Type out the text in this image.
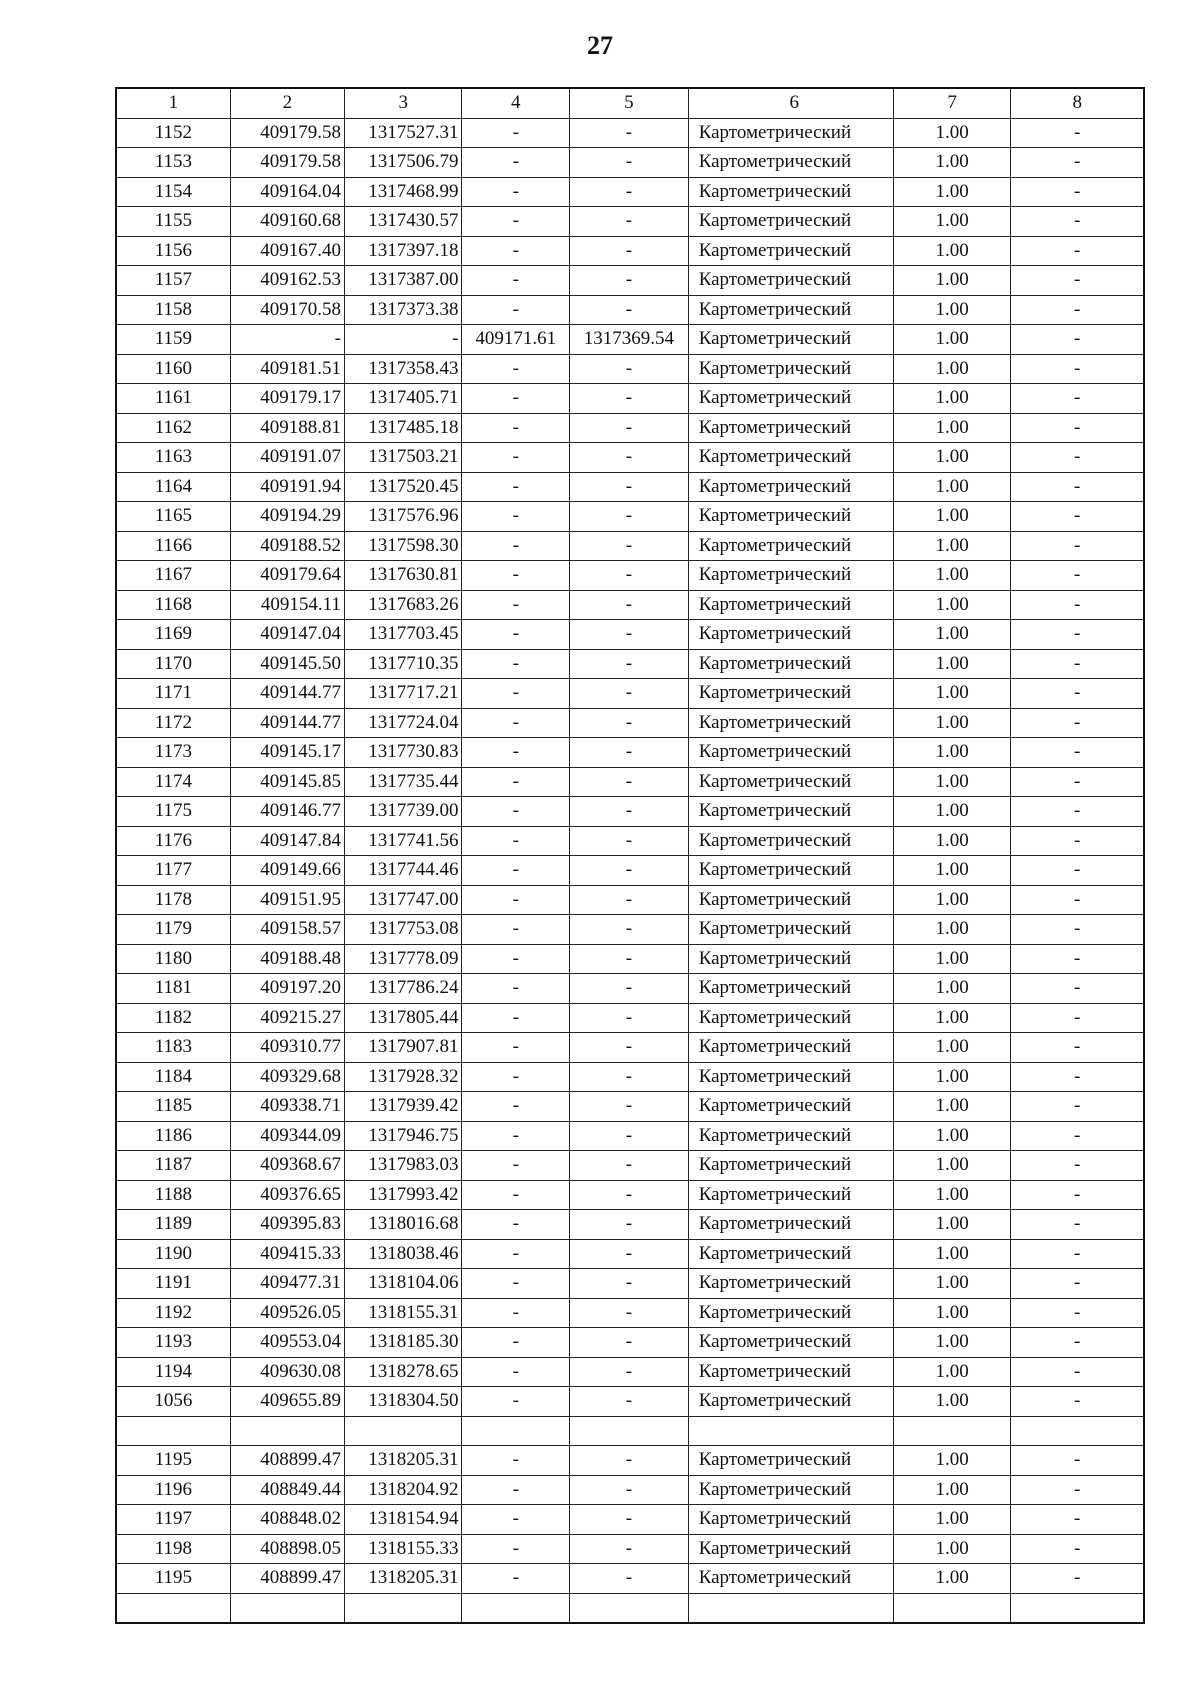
27
1	2	3	4	5	6	7	8
1152	409179.58	1317527.31	-	-	Картометрический	1.00	-
1153	409179.58	1317506.79	-	-	Картометрический	1.00	-
1154	409164.04	1317468.99	-	-	Картометрический	1.00	-
1155	409160.68	1317430.57	-	-	Картометрический	1.00	-
1156	409167.40	1317397.18	-	-	Картометрический	1.00	-
1157	409162.53	1317387.00	-	-	Картометрический	1.00	-
1158	409170.58	1317373.38	-	-	Картометрический	1.00	-
1159	-	-	409171.61	1317369.54	Картометрический	1.00	-
1160	409181.51	1317358.43	-	-	Картометрический	1.00	-
1161	409179.17	1317405.71	-	-	Картометрический	1.00	-
1162	409188.81	1317485.18	-	-	Картометрический	1.00	-
1163	409191.07	1317503.21	-	-	Картометрический	1.00	-
1164	409191.94	1317520.45	-	-	Картометрический	1.00	-
1165	409194.29	1317576.96	-	-	Картометрический	1.00	-
1166	409188.52	1317598.30	-	-	Картометрический	1.00	-
1167	409179.64	1317630.81	-	-	Картометрический	1.00	-
1168	409154.11	1317683.26	-	-	Картометрический	1.00	-
1169	409147.04	1317703.45	-	-	Картометрический	1.00	-
1170	409145.50	1317710.35	-	-	Картометрический	1.00	-
1171	409144.77	1317717.21	-	-	Картометрический	1.00	-
1172	409144.77	1317724.04	-	-	Картометрический	1.00	-
1173	409145.17	1317730.83	-	-	Картометрический	1.00	-
1174	409145.85	1317735.44	-	-	Картометрический	1.00	-
1175	409146.77	1317739.00	-	-	Картометрический	1.00	-
1176	409147.84	1317741.56	-	-	Картометрический	1.00	-
1177	409149.66	1317744.46	-	-	Картометрический	1.00	-
1178	409151.95	1317747.00	-	-	Картометрический	1.00	-
1179	409158.57	1317753.08	-	-	Картометрический	1.00	-
1180	409188.48	1317778.09	-	-	Картометрический	1.00	-
1181	409197.20	1317786.24	-	-	Картометрический	1.00	-
1182	409215.27	1317805.44	-	-	Картометрический	1.00	-
1183	409310.77	1317907.81	-	-	Картометрический	1.00	-
1184	409329.68	1317928.32	-	-	Картометрический	1.00	-
1185	409338.71	1317939.42	-	-	Картометрический	1.00	-
1186	409344.09	1317946.75	-	-	Картометрический	1.00	-
1187	409368.67	1317983.03	-	-	Картометрический	1.00	-
1188	409376.65	1317993.42	-	-	Картометрический	1.00	-
1189	409395.83	1318016.68	-	-	Картометрический	1.00	-
1190	409415.33	1318038.46	-	-	Картометрический	1.00	-
1191	409477.31	1318104.06	-	-	Картометрический	1.00	-
1192	409526.05	1318155.31	-	-	Картометрический	1.00	-
1193	409553.04	1318185.30	-	-	Картометрический	1.00	-
1194	409630.08	1318278.65	-	-	Картометрический	1.00	-
1056	409655.89	1318304.50	-	-	Картометрический	1.00	-

1195	408899.47	1318205.31	-	-	Картометрический	1.00	-
1196	408849.44	1318204.92	-	-	Картометрический	1.00	-
1197	408848.02	1318154.94	-	-	Картометрический	1.00	-
1198	408898.05	1318155.33	-	-	Картометрический	1.00	-
1195	408899.47	1318205.31	-	-	Картометрический	1.00	-
